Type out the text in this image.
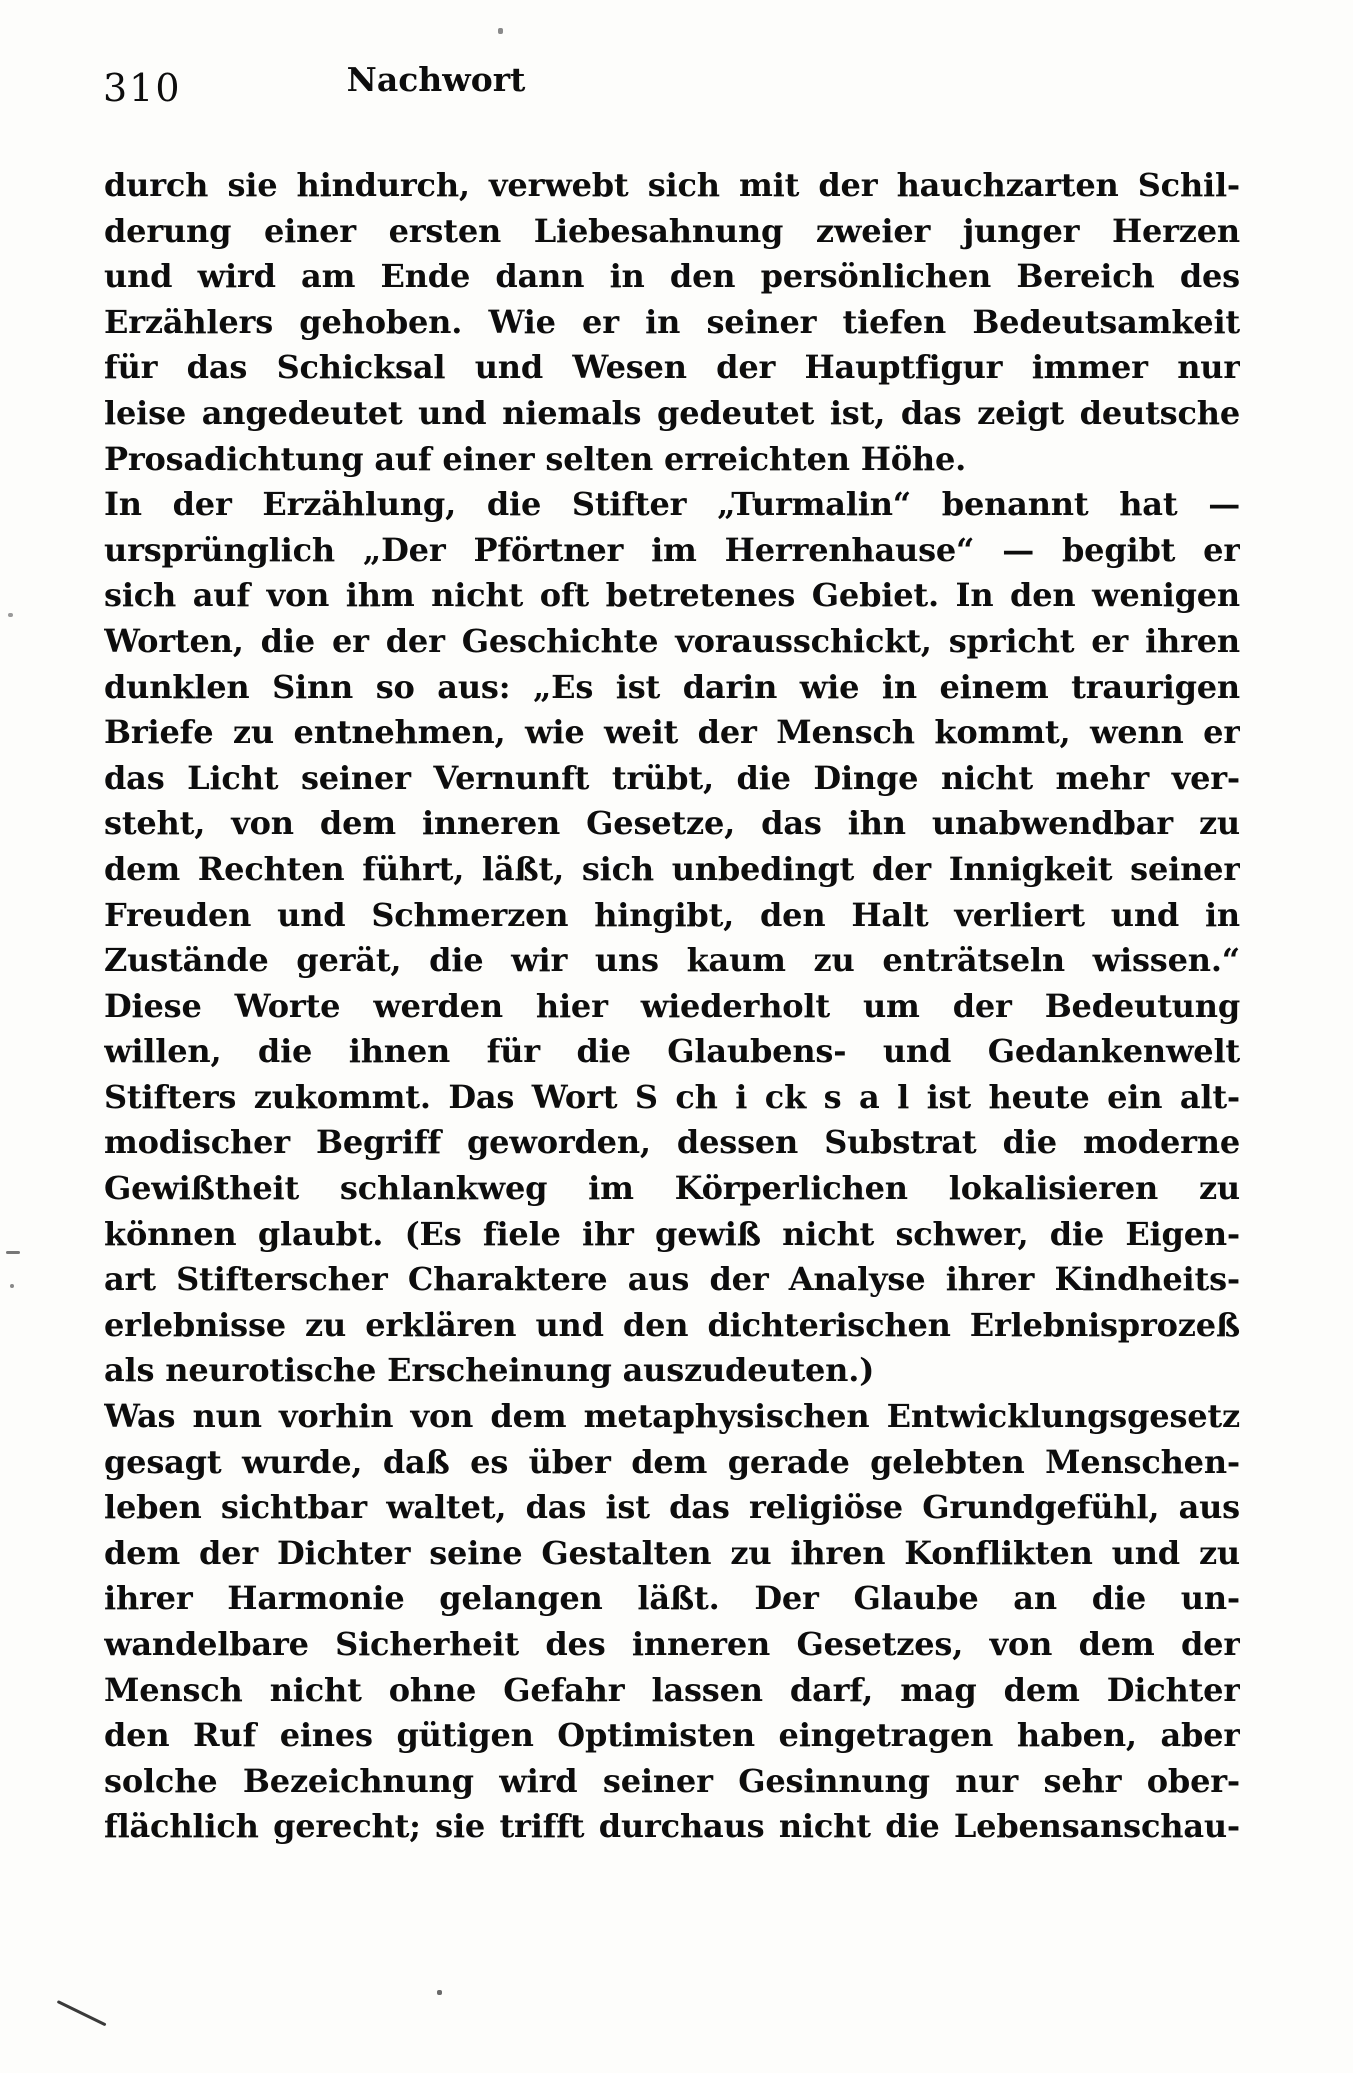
310	Nachwort
durch sie hindurch, verwebt sich mit der hauchzarten Schil-
derung einer ersten Liebesahnung zweier junger Herzen
und wird am Ende dann in den persönlichen Bereich des
Erzählers gehoben. Wie er in seiner tiefen Bedeutsamkeit
für das Schicksal und Wesen der Hauptfigur immer nur
leise angedeutet und niemals gedeutet ist, das zeigt deutsche
Prosadichtung auf einer selten erreichten Höhe.
In der Erzählung, die Stifter „Turmalin“ benannt hat —
ursprünglich „Der Pförtner im Herrenhause“ — begibt er
sich auf von ihm nicht oft betretenes Gebiet. In den wenigen
Worten, die er der Geschichte vorausschickt, spricht er ihren
dunklen Sinn so aus: „Es ist darin wie in einem traurigen
Briefe zu entnehmen, wie weit der Mensch kommt, wenn er
das Licht seiner Vernunft trübt, die Dinge nicht mehr ver-
steht, von dem inneren Gesetze, das ihn unabwendbar zu
dem Rechten führt, läßt, sich unbedingt der Innigkeit seiner
Freuden und Schmerzen hingibt, den Halt verliert und in
Zustände gerät, die wir uns kaum zu enträtseln wissen.“
Diese Worte werden hier wiederholt um der Bedeutung
willen, die ihnen für die Glaubens- und Gedankenwelt
Stifters zukommt. Das Wort S ch i ck s a l ist heute ein alt-
modischer Begriff geworden, dessen Substrat die moderne
Gewißtheit schlankweg im Körperlichen lokalisieren zu
können glaubt. (Es fiele ihr gewiß nicht schwer, die Eigen-
art Stifterscher Charaktere aus der Analyse ihrer Kindheits-
erlebnisse zu erklären und den dichterischen Erlebnisprozeß
als neurotische Erscheinung auszudeuten.)
Was nun vorhin von dem metaphysischen Entwicklungsgesetz
gesagt wurde, daß es über dem gerade gelebten Menschen-
leben sichtbar waltet, das ist das religiöse Grundgefühl, aus
dem der Dichter seine Gestalten zu ihren Konflikten und zu
ihrer Harmonie gelangen läßt. Der Glaube an die un-
wandelbare Sicherheit des inneren Gesetzes, von dem der
Mensch nicht ohne Gefahr lassen darf, mag dem Dichter
den Ruf eines gütigen Optimisten eingetragen haben, aber
solche Bezeichnung wird seiner Gesinnung nur sehr ober-
flächlich gerecht; sie trifft durchaus nicht die Lebensanschau-
